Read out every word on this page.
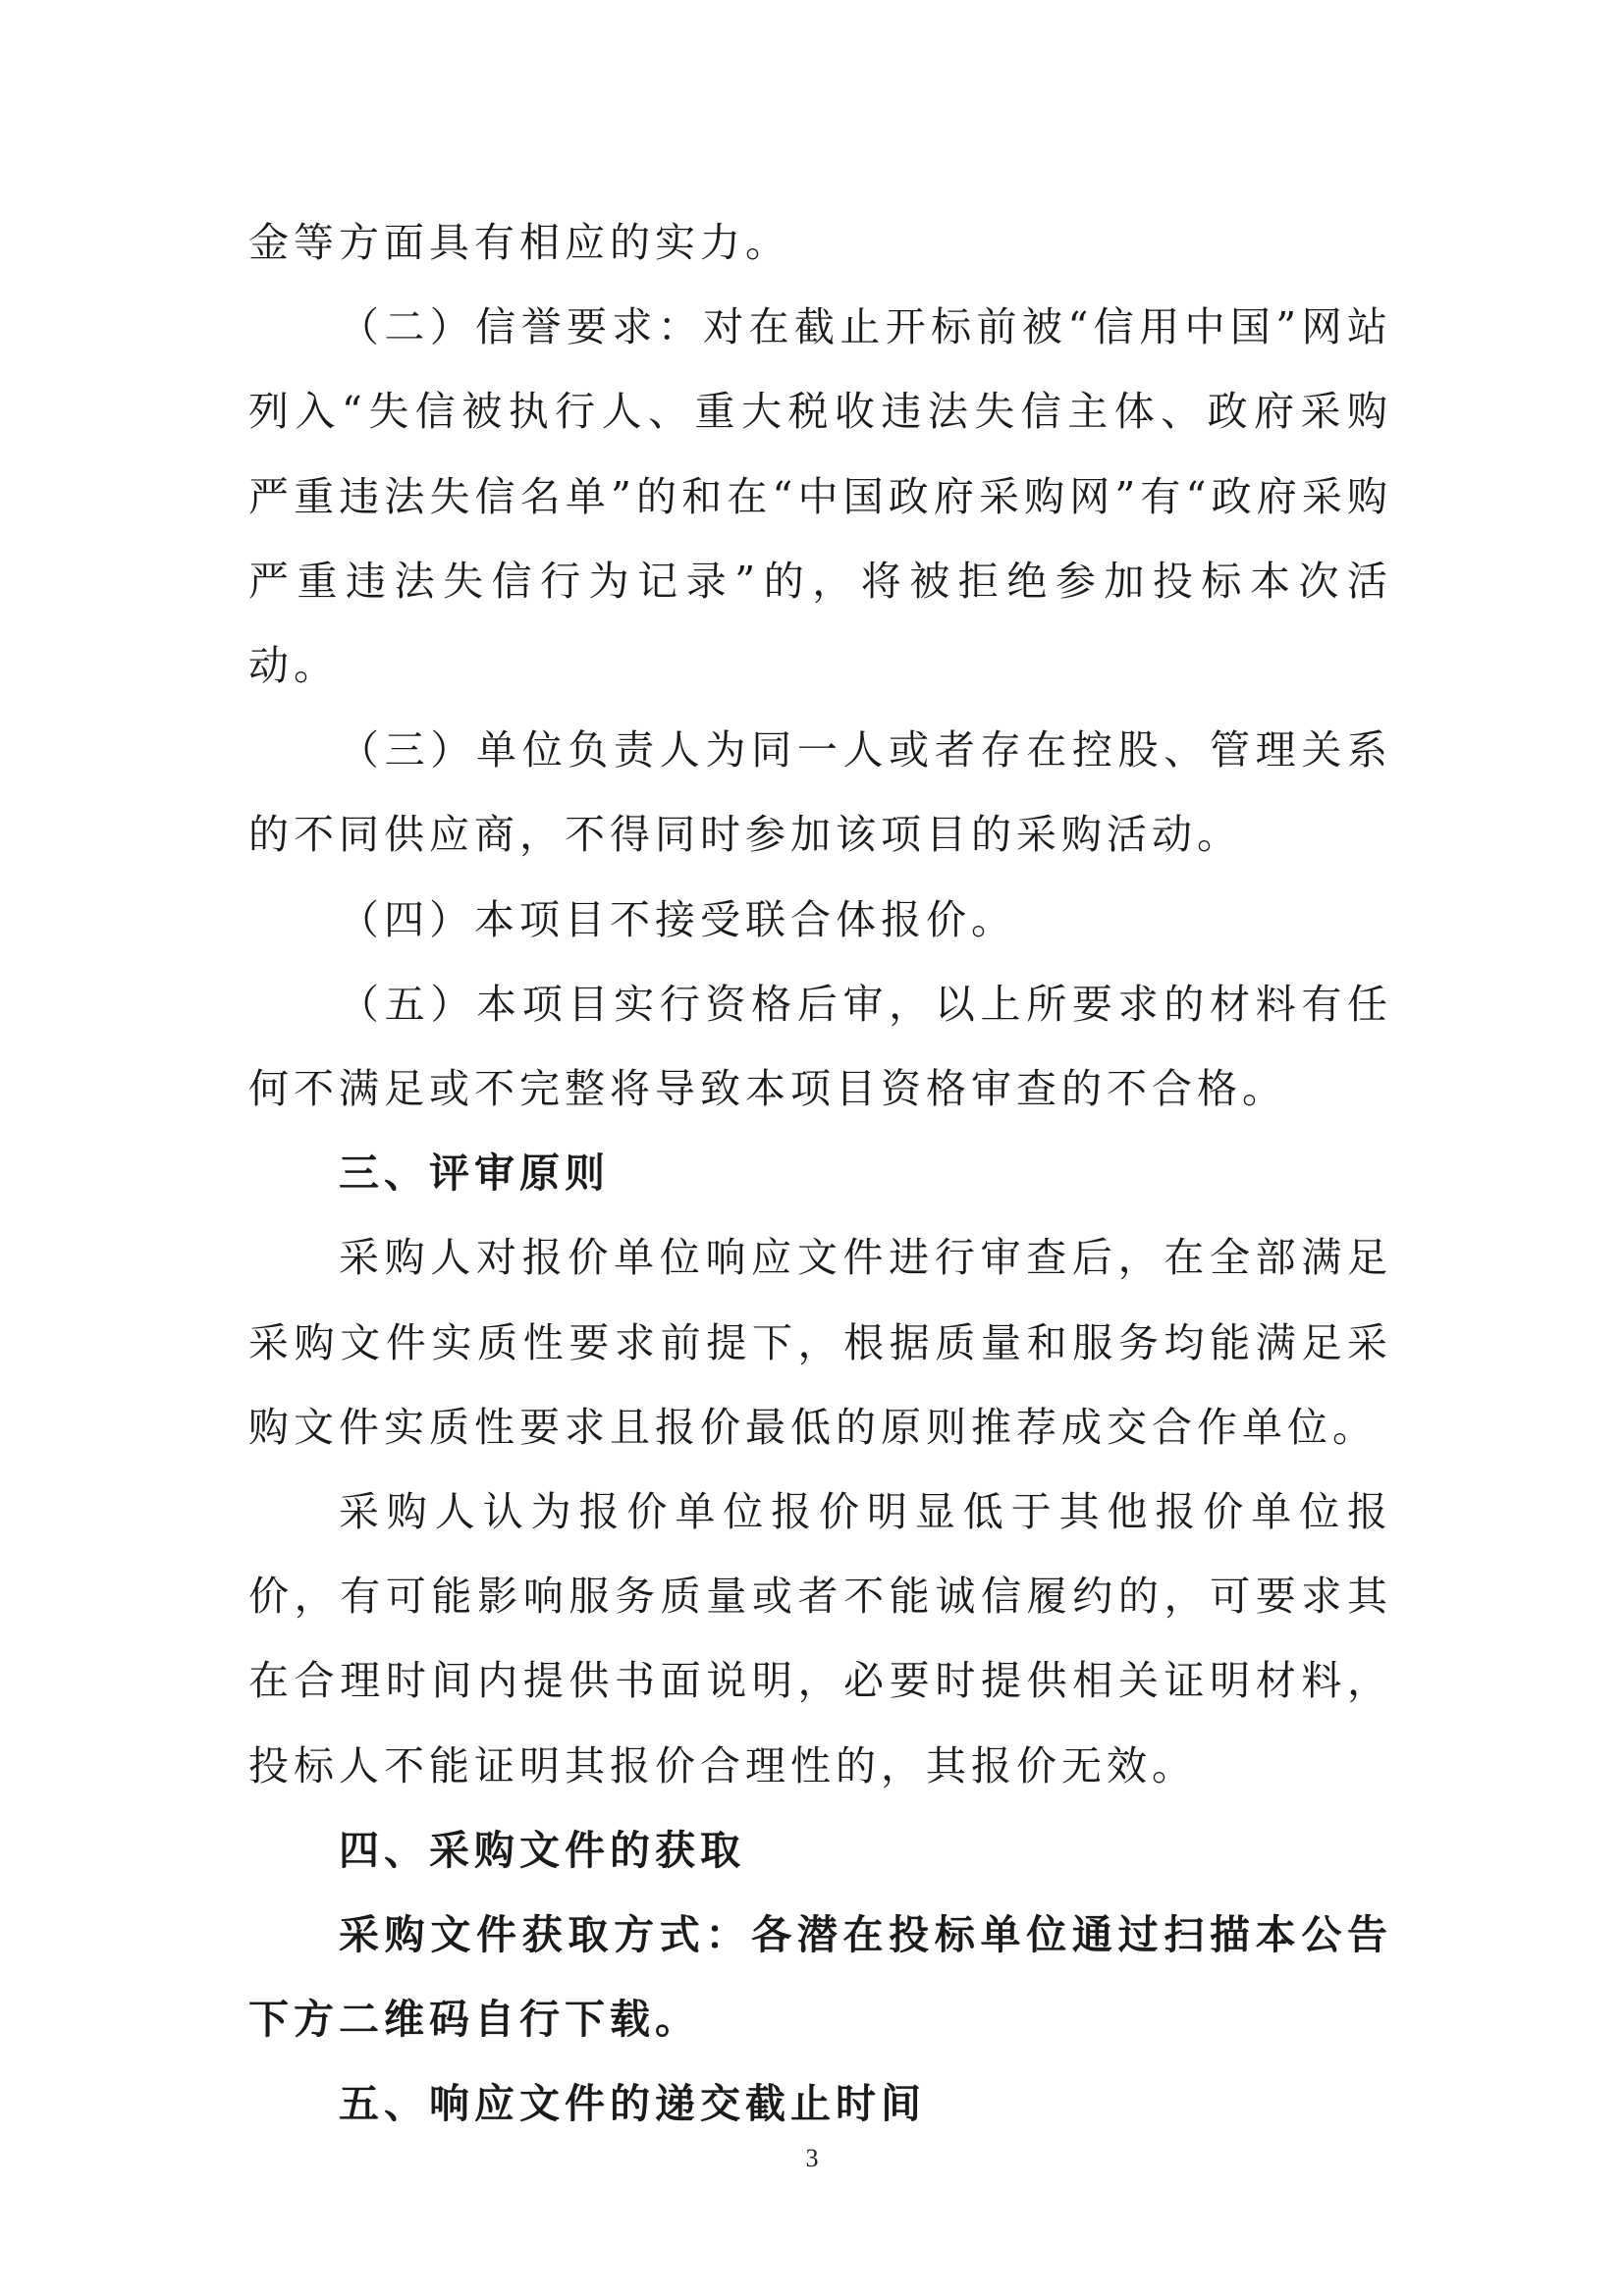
金等方面具有相应的实力。

（二）信誉要求：对在截止开标前被“信用中国”网站列入“失信被执行人、重大税收违法失信主体、政府采购严重违法失信名单”的和在“中国政府采购网”有“政府采购严重违法失信行为记录”的，将被拒绝参加投标本次活动。

（三）单位负责人为同一人或者存在控股、管理关系的不同供应商，不得同时参加该项目的采购活动。

（四）本项目不接受联合体报价。

（五）本项目实行资格后审，以上所要求的材料有任何不满足或不完整将导致本项目资格审查的不合格。

三、评审原则

采购人对报价单位响应文件进行审查后，在全部满足采购文件实质性要求前提下，根据质量和服务均能满足采购文件实质性要求且报价最低的原则推荐成交合作单位。

采购人认为报价单位报价明显低于其他报价单位报价，有可能影响服务质量或者不能诚信履约的，可要求其在合理时间内提供书面说明，必要时提供相关证明材料，投标人不能证明其报价合理性的，其报价无效。

四、采购文件的获取

采购文件获取方式：各潜在投标单位通过扫描本公告下方二维码自行下载。

五、响应文件的递交截止时间

3
